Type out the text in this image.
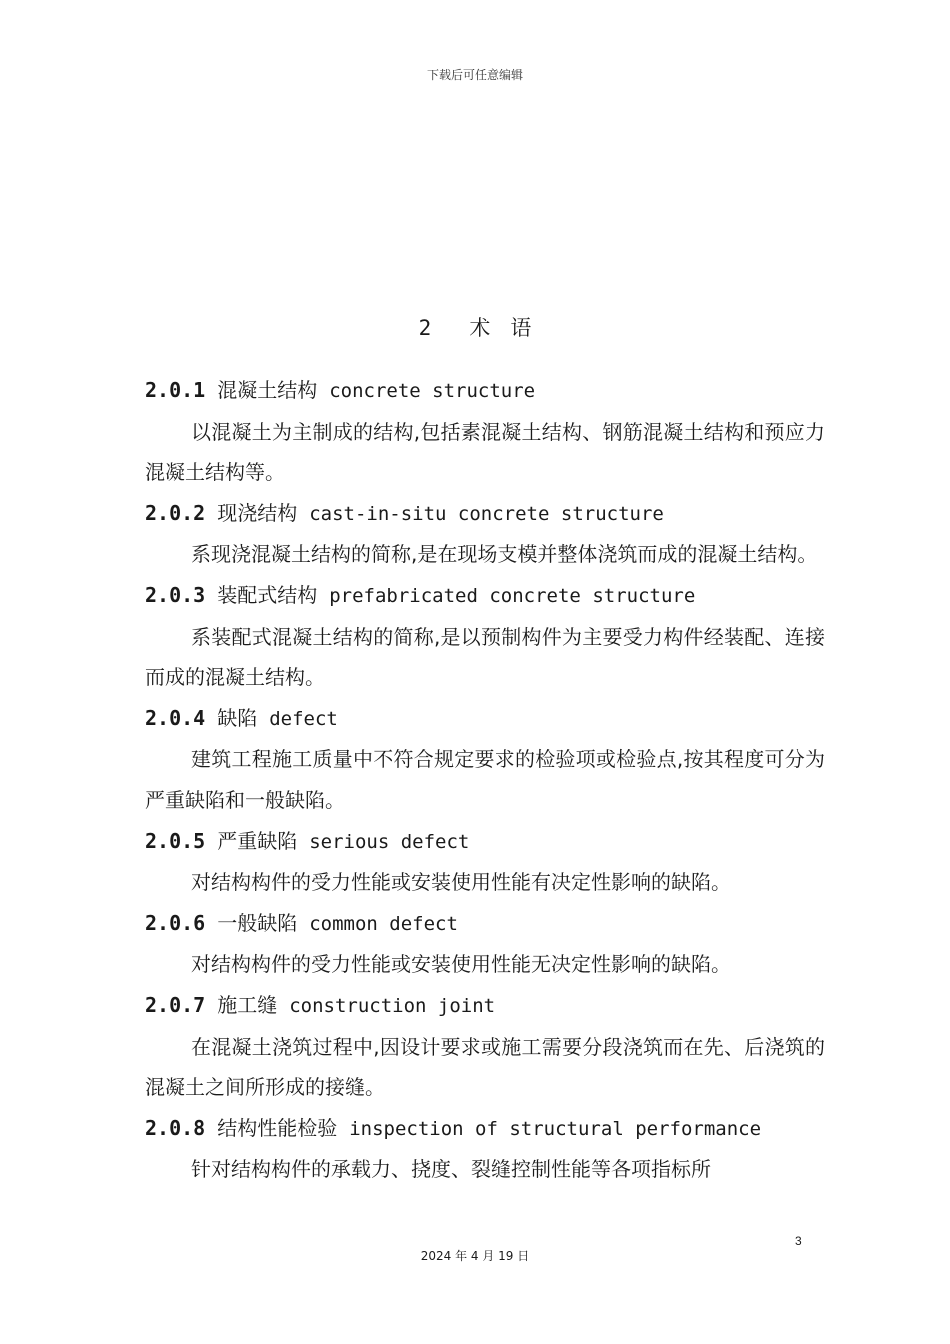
下载后可任意编辑
2 术 语
2.0.1 混凝土结构 concrete structure
以混凝土为主制成的结构,包括素混凝土结构、钢筋混凝土结构和预应力混凝土结构等。
2.0.2 现浇结构 cast-in-situ concrete structure
系现浇混凝土结构的简称,是在现场支模并整体浇筑而成的混凝土结构。
2.0.3 装配式结构 prefabricated concrete structure
系装配式混凝土结构的简称,是以预制构件为主要受力构件经装配、连接而成的混凝土结构。
2.0.4 缺陷 defect
建筑工程施工质量中不符合规定要求的检验项或检验点,按其程度可分为严重缺陷和一般缺陷。
2.0.5 严重缺陷 serious defect
对结构构件的受力性能或安装使用性能有决定性影响的缺陷。
2.0.6 一般缺陷 common defect
对结构构件的受力性能或安装使用性能无决定性影响的缺陷。
2.0.7 施工缝 construction joint
在混凝土浇筑过程中,因设计要求或施工需要分段浇筑而在先、后浇筑的混凝土之间所形成的接缝。
2.0.8 结构性能检验 inspection of structural performance
针对结构构件的承载力、挠度、裂缝控制性能等各项指标所
3
2024 年 4 月 19 日
